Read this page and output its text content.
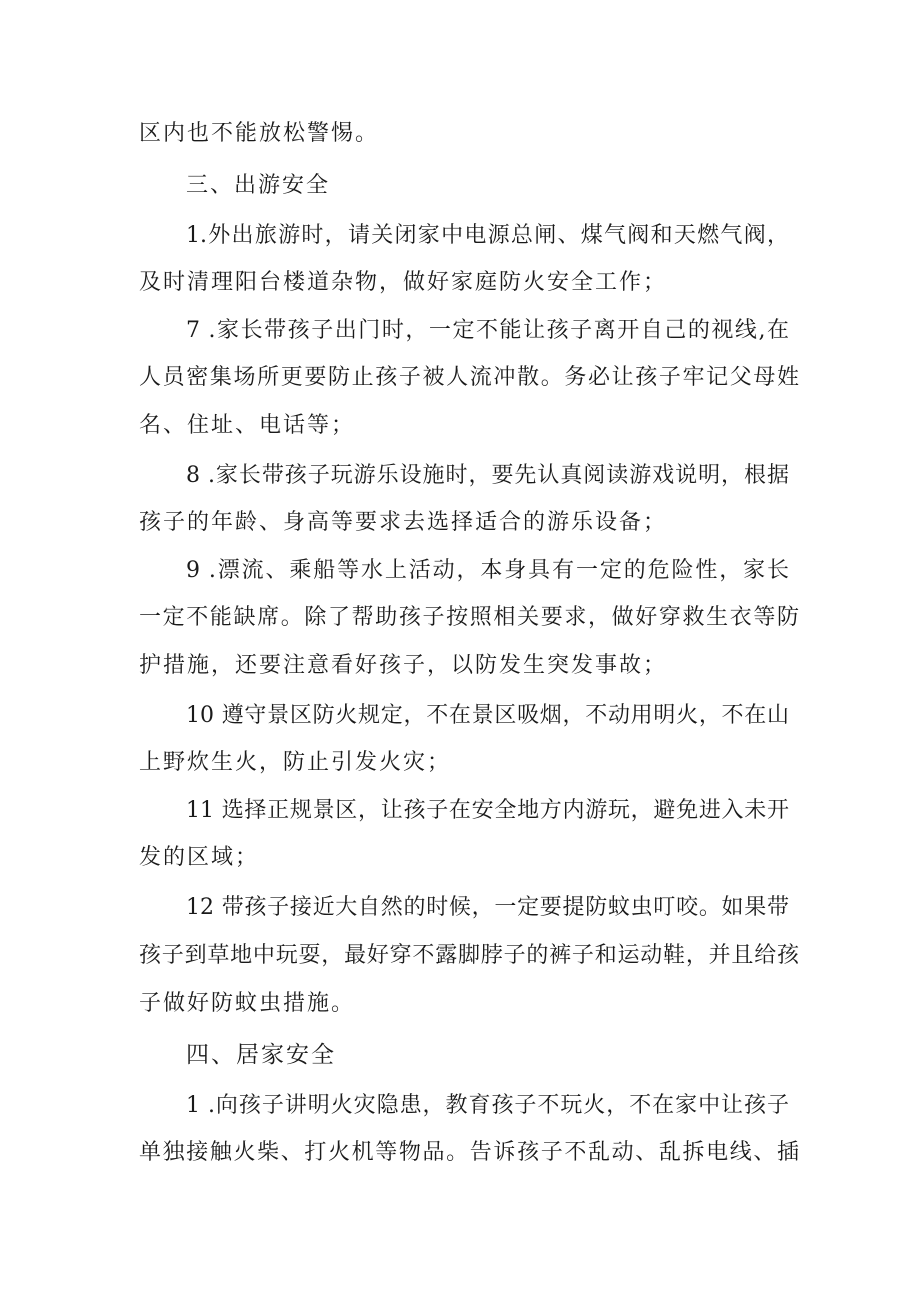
区内也不能放松警惕。
三、出游安全
1.外出旅游时，请关闭家中电源总闸、煤气阀和天燃气阀，
及时清理阳台楼道杂物，做好家庭防火安全工作；
7 .家长带孩子出门时，一定不能让孩子离开自己的视线,在
人员密集场所更要防止孩子被人流冲散。务必让孩子牢记父母姓
名、住址、电话等；
8 .家长带孩子玩游乐设施时，要先认真阅读游戏说明，根据
孩子的年龄、身高等要求去选择适合的游乐设备；
9 .漂流、乘船等水上活动，本身具有一定的危险性，家长
一定不能缺席。除了帮助孩子按照相关要求，做好穿救生衣等防
护措施，还要注意看好孩子，以防发生突发事故；
10 遵守景区防火规定，不在景区吸烟，不动用明火，不在山
上野炊生火，防止引发火灾；
11 选择正规景区，让孩子在安全地方内游玩，避免进入未开
发的区域；
12 带孩子接近大自然的时候，一定要提防蚊虫叮咬。如果带
孩子到草地中玩耍，最好穿不露脚脖子的裤子和运动鞋，并且给孩
子做好防蚊虫措施。
四、居家安全
1 .向孩子讲明火灾隐患，教育孩子不玩火，不在家中让孩子
单独接触火柴、打火机等物品。告诉孩子不乱动、乱拆电线、插
